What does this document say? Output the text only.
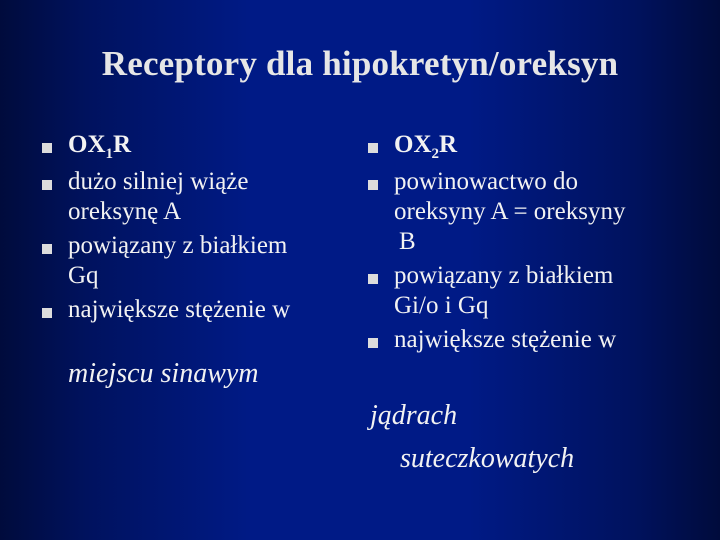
Receptory dla hipokretyn/oreksyn
$OX_1R$
dużo silniej wiąże
oreksynę A
powiązany z białkiem
Gq
największe stężenie w
miejscu sinawym
$OX_2R$
powinowactwo do
oreksyny A = oreksyny
B
powiązany z białkiem
Gi/o i Gq
największe stężenie w
jądrach
suteczkowatych
